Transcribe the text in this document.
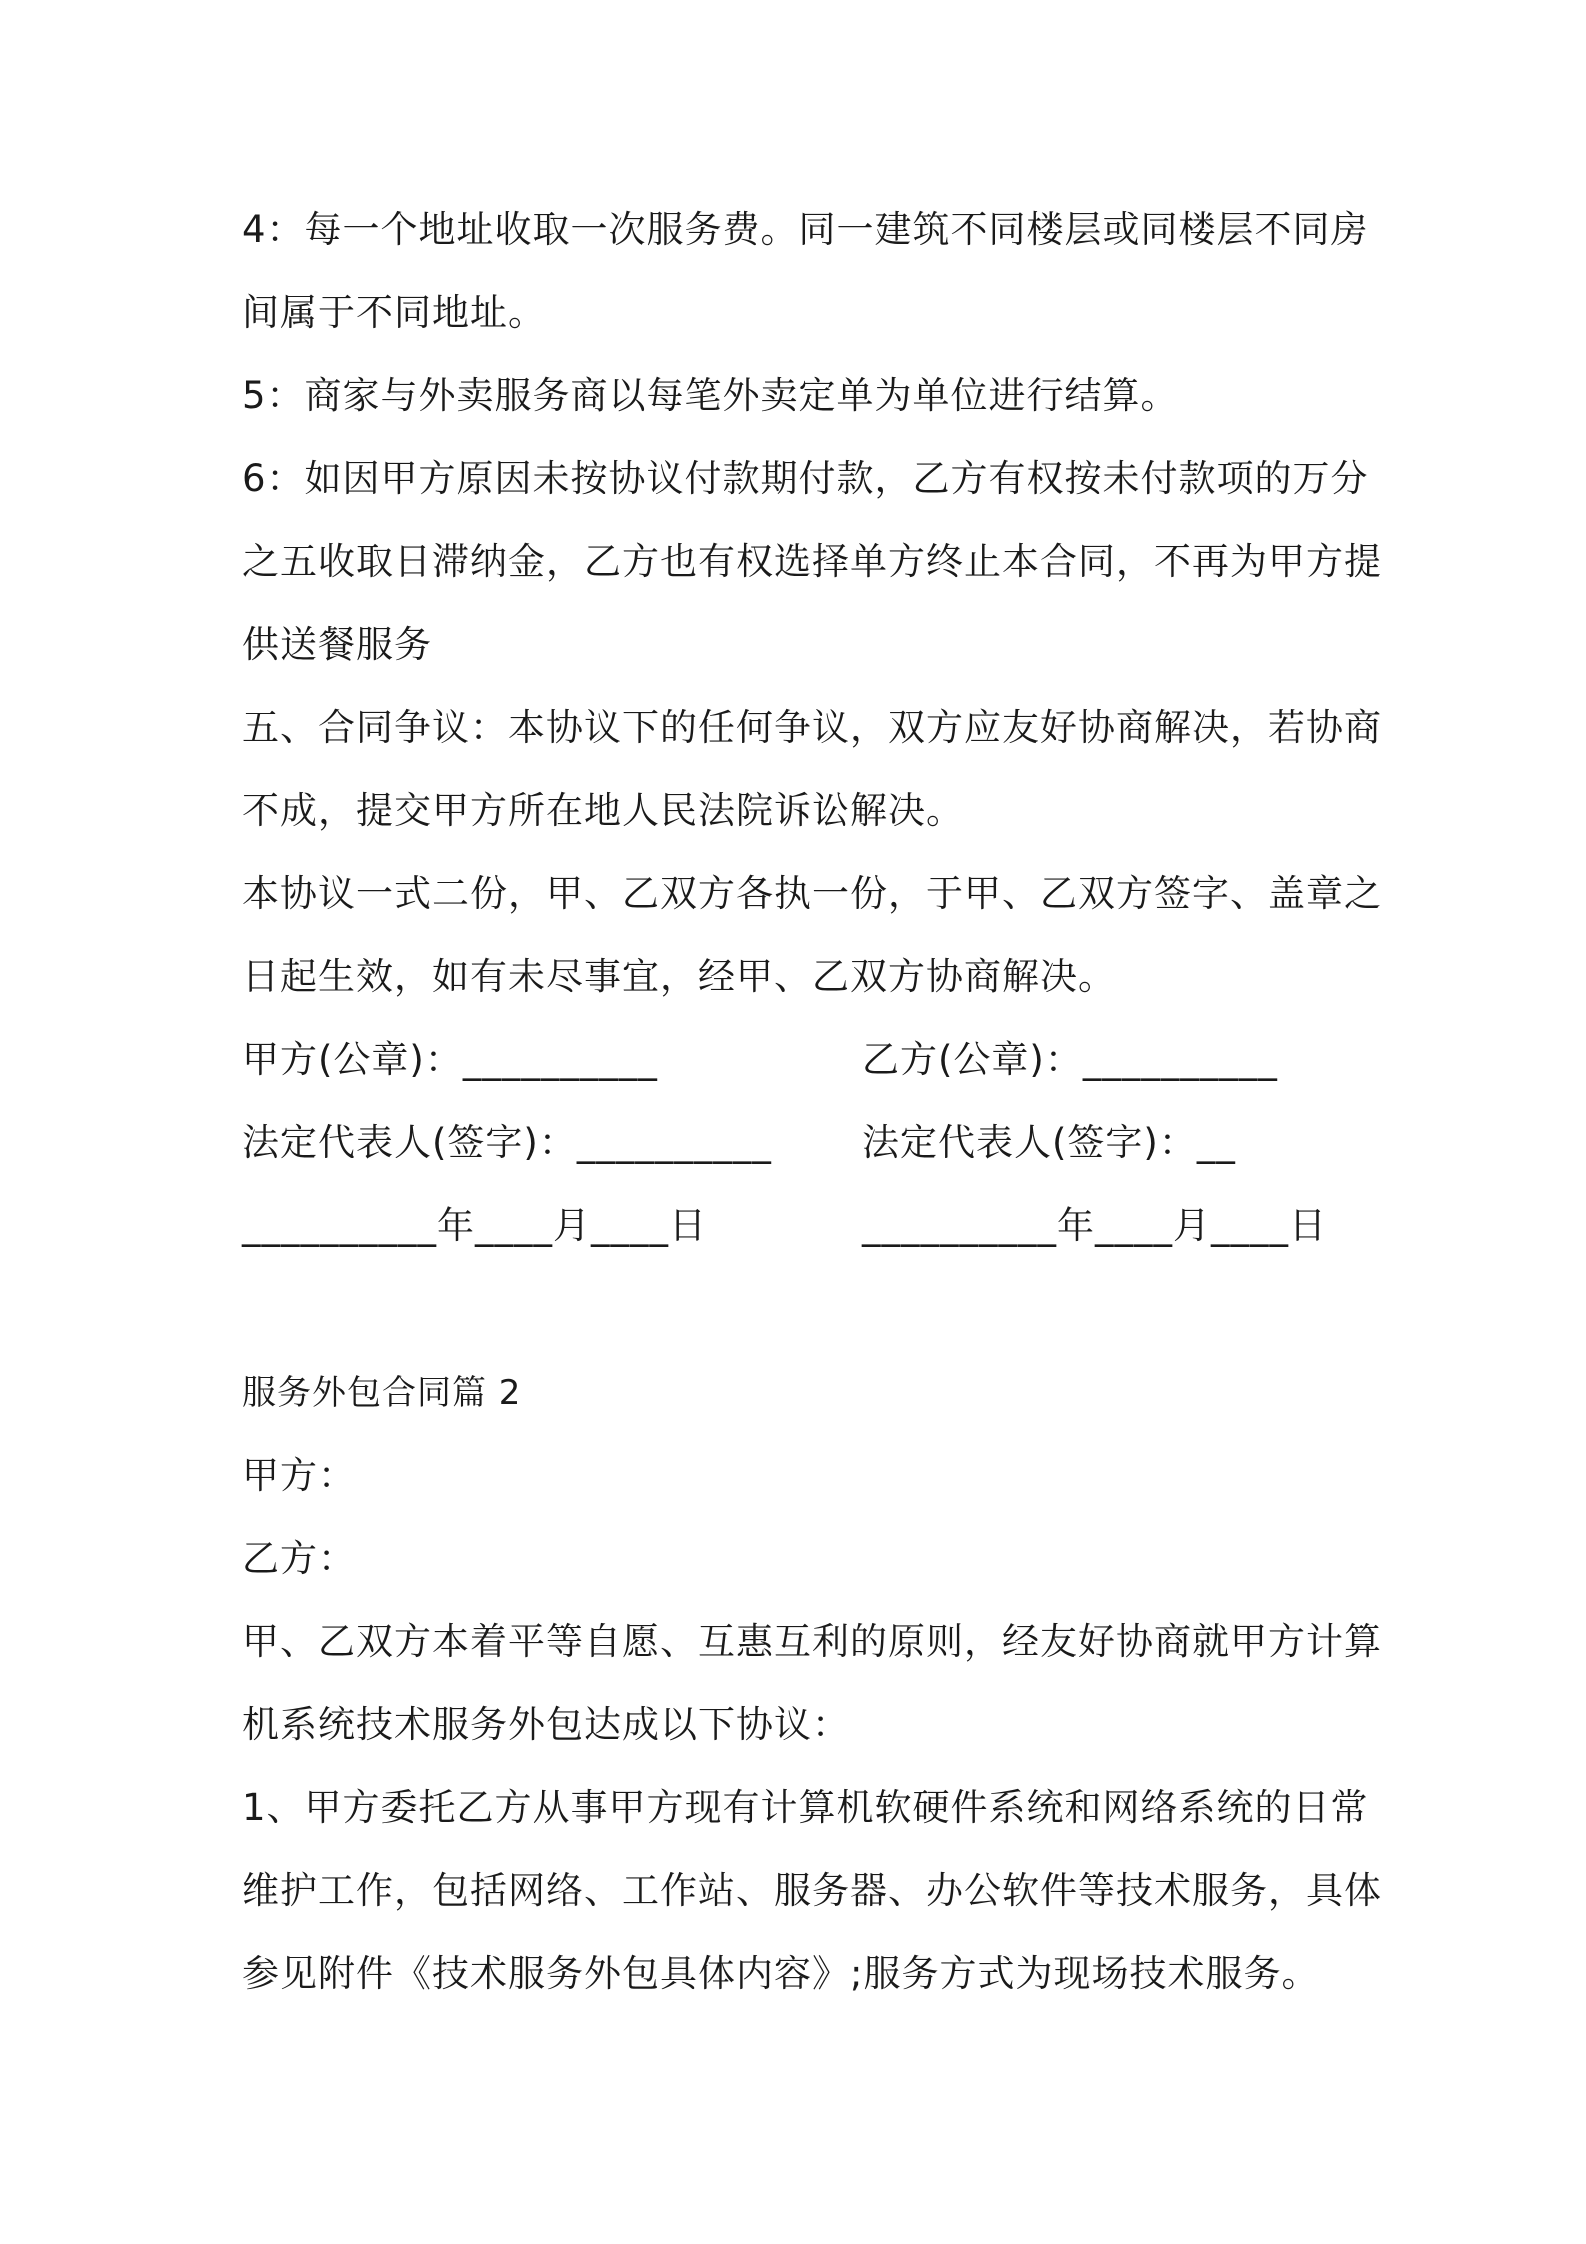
4：每一个地址收取一次服务费。同一建筑不同楼层或同楼层不同房
间属于不同地址。
5：商家与外卖服务商以每笔外卖定单为单位进行结算。
6：如因甲方原因未按协议付款期付款，乙方有权按未付款项的万分
之五收取日滞纳金，乙方也有权选择单方终止本合同，不再为甲方提
供送餐服务
五、合同争议：本协议下的任何争议，双方应友好协商解决，若协商
不成，提交甲方所在地人民法院诉讼解决。
本协议一式二份，甲、乙双方各执一份，于甲、乙双方签字、盖章之
日起生效，如有未尽事宜，经甲、乙双方协商解决。
甲方(公章)：__________	乙方(公章)：__________
法定代表人(签字)：__________ 法定代表人(签字)：__
__________年____月____日	__________年____月____日
服务外包合同篇 2
甲方：
乙方：
甲、乙双方本着平等自愿、互惠互利的原则，经友好协商就甲方计算
机系统技术服务外包达成以下协议：
1、甲方委托乙方从事甲方现有计算机软硬件系统和网络系统的日常
维护工作，包括网络、工作站、服务器、办公软件等技术服务，具体
参见附件《技术服务外包具体内容》;服务方式为现场技术服务。
